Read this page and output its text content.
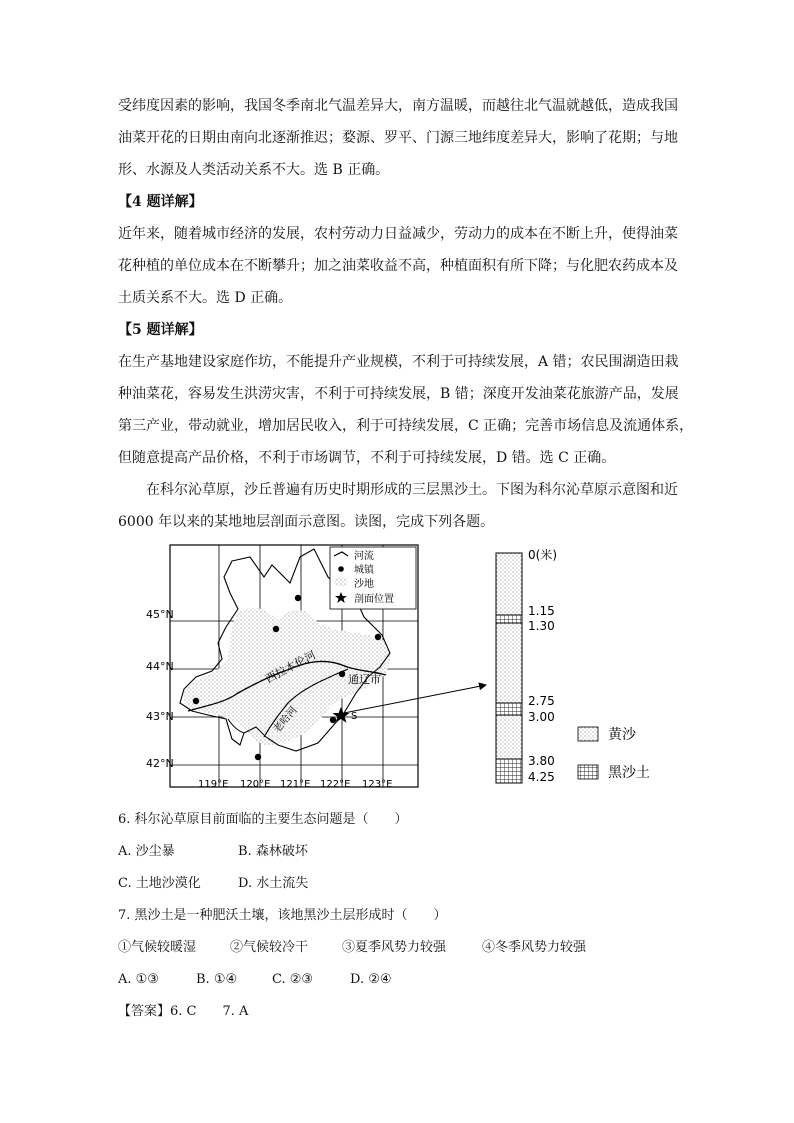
受纬度因素的影响，我国冬季南北气温差异大，南方温暖，而越往北气温就越低，造成我国

油菜开花的日期由南向北逐渐推迟；婺源、罗平、门源三地纬度差异大，影响了花期；与地

形、水源及人类活动关系不大。选 B 正确。

【4 题详解】

近年来，随着城市经济的发展，农村劳动力日益减少，劳动力的成本在不断上升，使得油菜

花种植的单位成本在不断攀升；加之油菜收益不高，种植面积有所下降；与化肥农药成本及

土质关系不大。选 D 正确。

【5 题详解】

在生产基地建设家庭作坊，不能提升产业规模，不利于可持续发展，A 错；农民围湖造田栽

种油菜花，容易发生洪涝灾害，不利于可持续发展，B 错；深度开发油菜花旅游产品，发展

第三产业，带动就业，增加居民收入，利于可持续发展，C 正确；完善市场信息及流通体系，

但随意提高产品价格，不利于市场调节，不利于可持续发展，D 错。选 C 正确。

在科尔沁草原，沙丘普遍有历史时期形成的三层黑沙土。下图为科尔沁草原示意图和近

6000 年以来的某地地层剖面示意图。读图，完成下列各题。

西拉木伦河
老哈河
通辽市
S
河流
城镇
沙地
剖面位置
45°N
44°N
43°N
42°N
119°E 120°E 121°E 122°E 123°E
0(米)
1.15
1.30
2.75
3.00
3.80
4.25
黄沙
黑沙土

6. 科尔沁草原目前面临的主要生态问题是（　　）

A. 沙尘暴	B. 森林破坏

C. 土地沙漠化	D. 水土流失

7. 黑沙土是一种肥沃土壤，该地黑沙土层形成时（　　）

①气候较暖湿	②气候较冷干	③夏季风势力较强	④冬季风势力较强

A. ①③	B. ①④	C. ②③	D. ②④

【答案】6. C　　7. A
